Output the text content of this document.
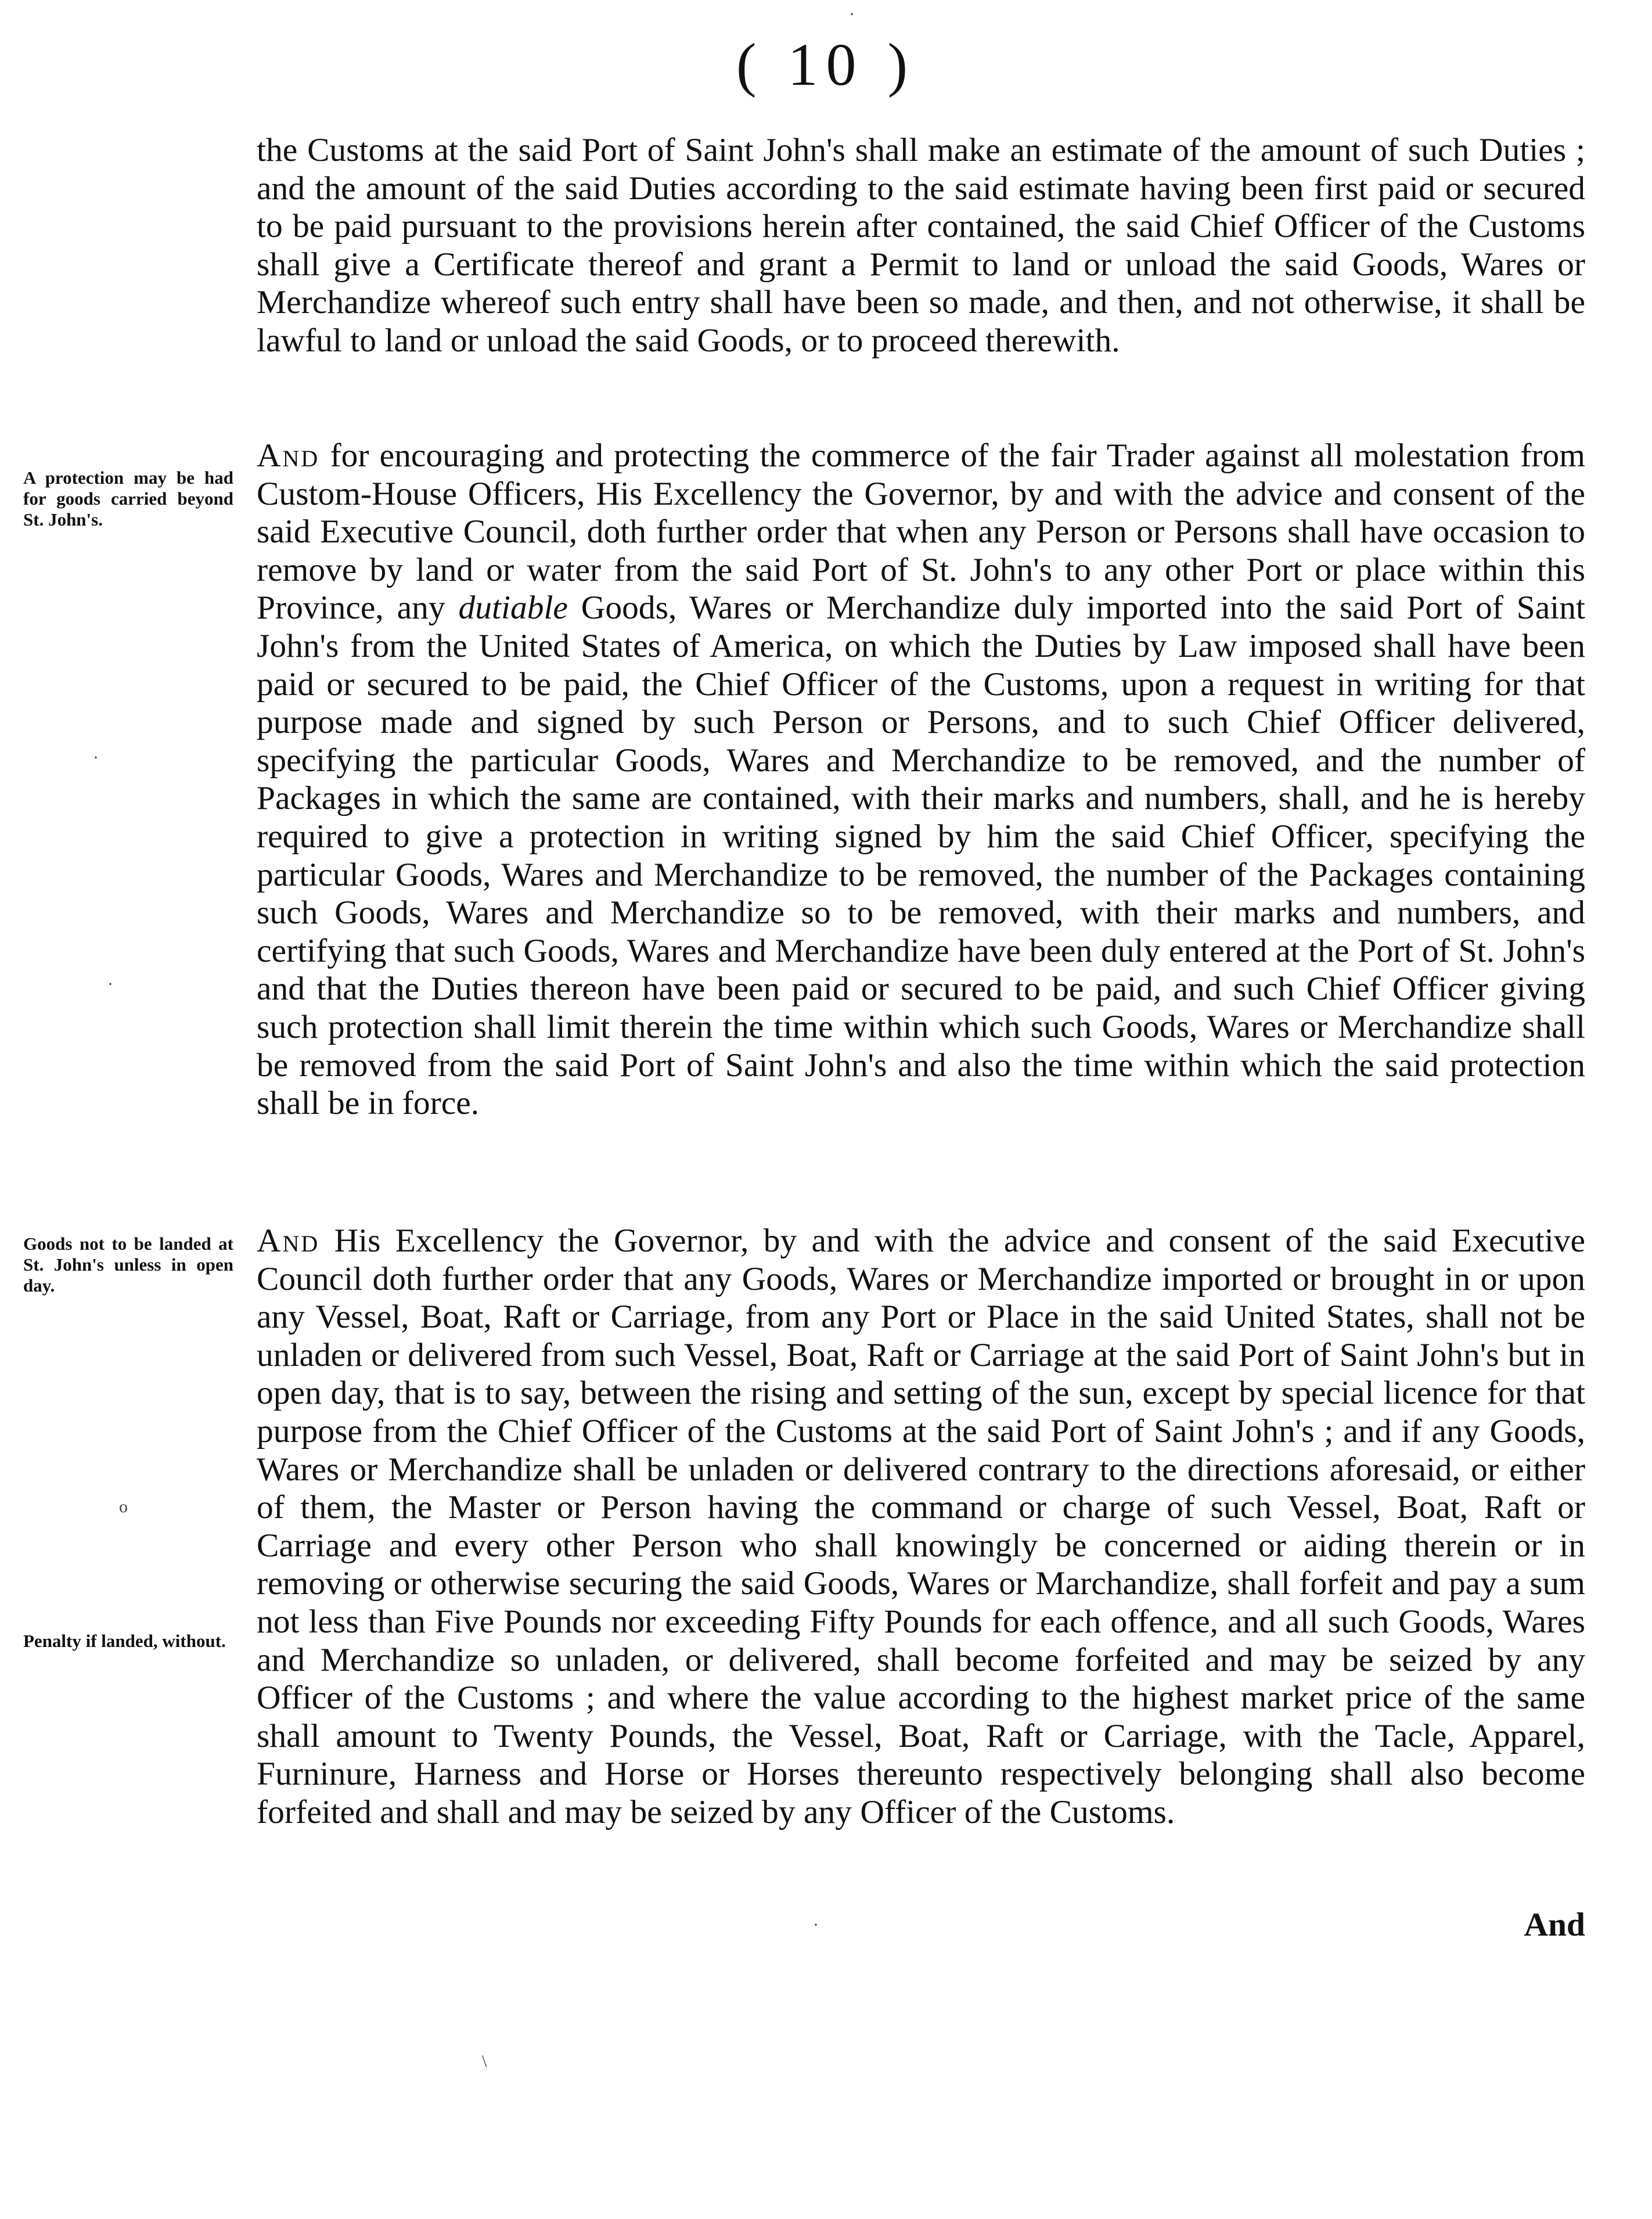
( 10 )
A protection may be had for goods carried beyond St. John's.
Goods not to be landed at St. John's unless in open day.
Penalty if landed, without.

the Customs at the said Port of Saint John's shall make an estimate of the amount of such Duties ; and the amount of the said Duties according to the said estimate having been first paid or secured to be paid pursuant to the provisions herein after contained, the said Chief Officer of the Customs shall give a Certificate thereof and grant a Permit to land or unload the said Goods, Wares or Merchandize whereof such entry shall have been so made, and then, and not otherwise, it shall be lawful to land or unload the said Goods, or to proceed therewith.

And for encouraging and protecting the commerce of the fair Trader against all molestation from Custom-House Officers, His Excellency the Governor, by and with the advice and consent of the said Executive Council, doth further order that when any Person or Persons shall have occasion to remove by land or water from the said Port of St. John's to any other Port or place within this Province, any dutiable Goods, Wares or Merchandize duly imported into the said Port of Saint John's from the United States of America, on which the Duties by Law imposed shall have been paid or secured to be paid, the Chief Officer of the Customs, upon a request in writing for that purpose made and signed by such Person or Persons, and to such Chief Officer delivered, specifying the particular Goods, Wares and Merchandize to be removed, and the number of Packages in which the same are contained, with their marks and numbers, shall, and he is hereby required to give a protection in writing signed by him the said Chief Officer, specifying the particular Goods, Wares and Merchandize to be removed, the number of the Packages containing such Goods, Wares and Merchandize so to be removed, with their marks and numbers, and certifying that such Goods, Wares and Merchandize have been duly entered at the Port of St. John's and that the Duties thereon have been paid or secured to be paid, and such Chief Officer giving such protection shall limit therein the time within which such Goods, Wares or Merchandize shall be removed from the said Port of Saint John's and also the time within which the said protection shall be in force.

And His Excellency the Governor, by and with the advice and consent of the said Executive Council doth further order that any Goods, Wares or Merchandize imported or brought in or upon any Vessel, Boat, Raft or Carriage, from any Port or Place in the said United States, shall not be unladen or delivered from such Vessel, Boat, Raft or Carriage at the said Port of Saint John's but in open day, that is to say, between the rising and setting of the sun, except by special licence for that purpose from the Chief Officer of the Customs at the said Port of Saint John's ; and if any Goods, Wares or Merchandize shall be unladen or delivered contrary to the directions aforesaid, or either of them, the Master or Person having the command or charge of such Vessel, Boat, Raft or Carriage and every other Person who shall knowingly be concerned or aiding therein or in removing or otherwise securing the said Goods, Wares or Marchandize, shall forfeit and pay a sum not less than Five Pounds nor exceeding Fifty Pounds for each offence, and all such Goods, Wares and Merchandize so unladen, or delivered, shall become forfeited and may be seized by any Officer of the Customs ; and where the value according to the highest market price of the same shall amount to Twenty Pounds, the Vessel, Boat, Raft or Carriage, with the Tacle, Apparel, Furninure, Harness and Horse or Horses thereunto respectively belonging shall also become forfeited and shall and may be seized by any Officer of the Customs.

And
·
·
·
o
\
·
